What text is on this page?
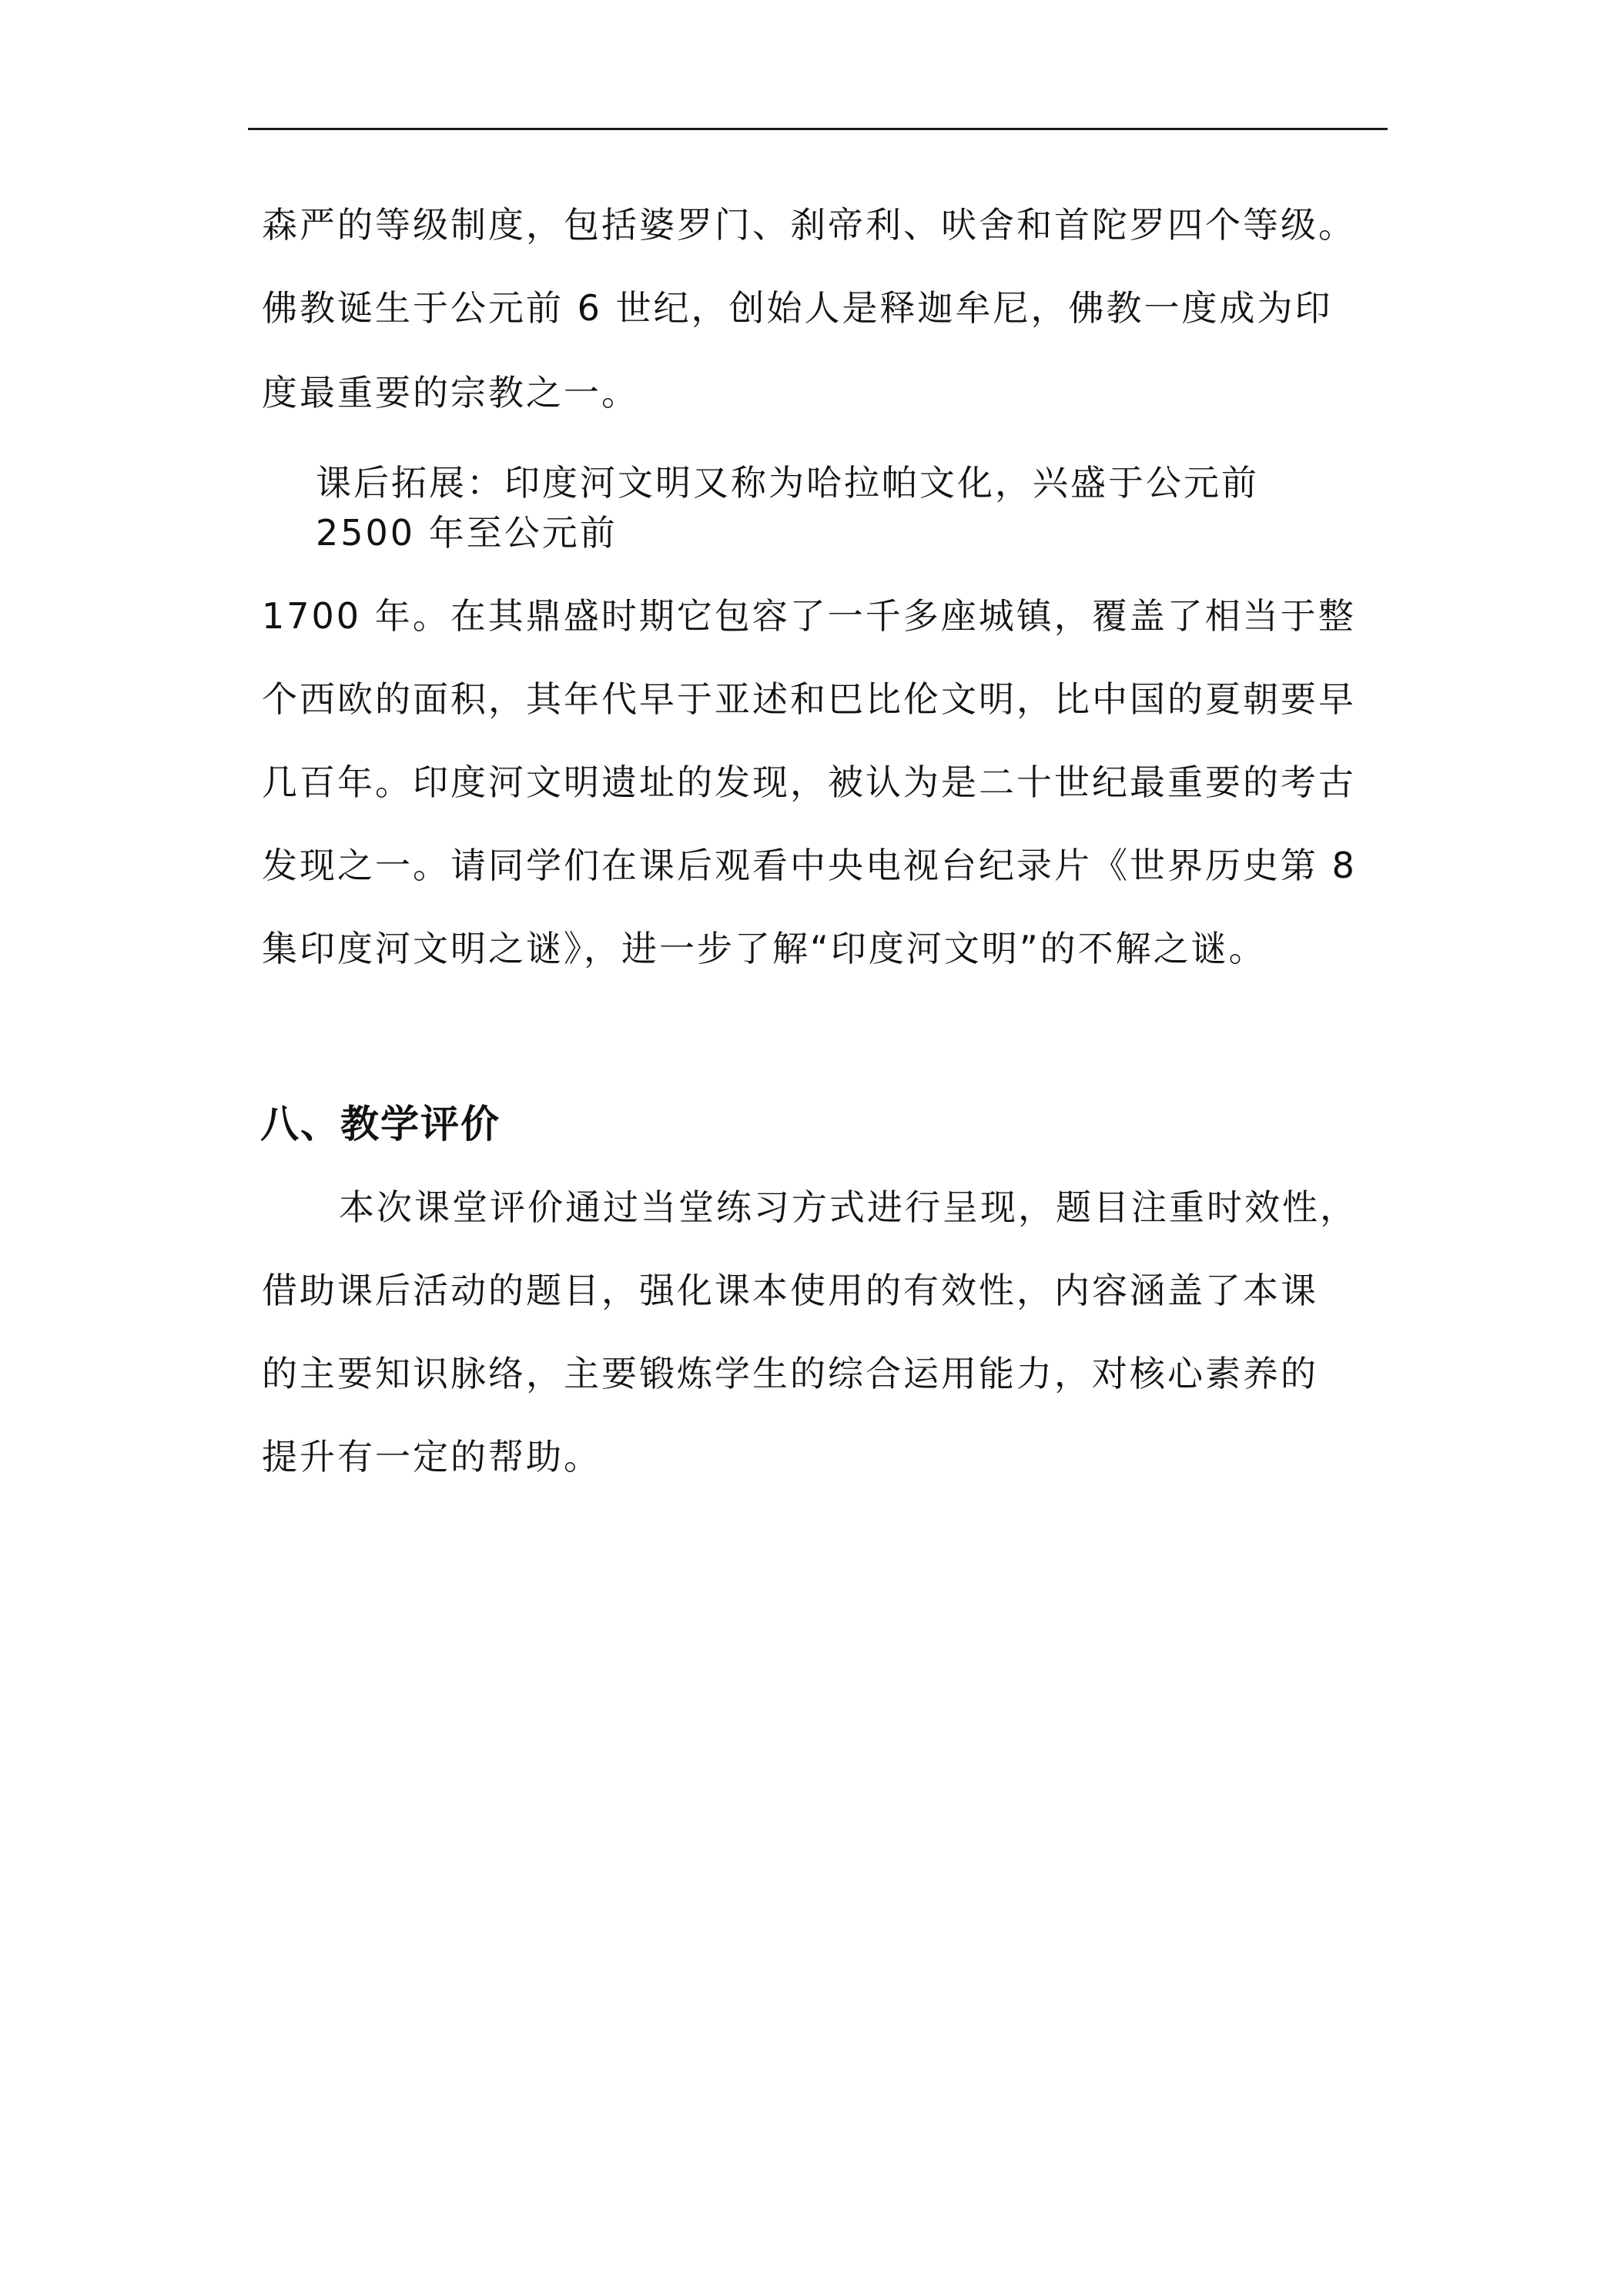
森严的等级制度，包括婆罗门、刹帝利、吠舍和首陀罗四个等级。
佛教诞生于公元前 6 世纪，创始人是释迦牟尼，佛教一度成为印
度最重要的宗教之一。
课后拓展：印度河文明又称为哈拉帕文化，兴盛于公元前
2500 年至公元前
1700 年。在其鼎盛时期它包容了一千多座城镇，覆盖了相当于整
个西欧的面积，其年代早于亚述和巴比伦文明，比中国的夏朝要早
几百年。印度河文明遗址的发现，被认为是二十世纪最重要的考古
发现之一。请同学们在课后观看中央电视台纪录片《世界历史第 8
集印度河文明之谜》，进一步了解“印度河文明”的不解之谜。
八、教学评价
本次课堂评价通过当堂练习方式进行呈现，题目注重时效性，
借助课后活动的题目，强化课本使用的有效性，内容涵盖了本课
的主要知识脉络，主要锻炼学生的综合运用能力，对核心素养的
提升有一定的帮助。
